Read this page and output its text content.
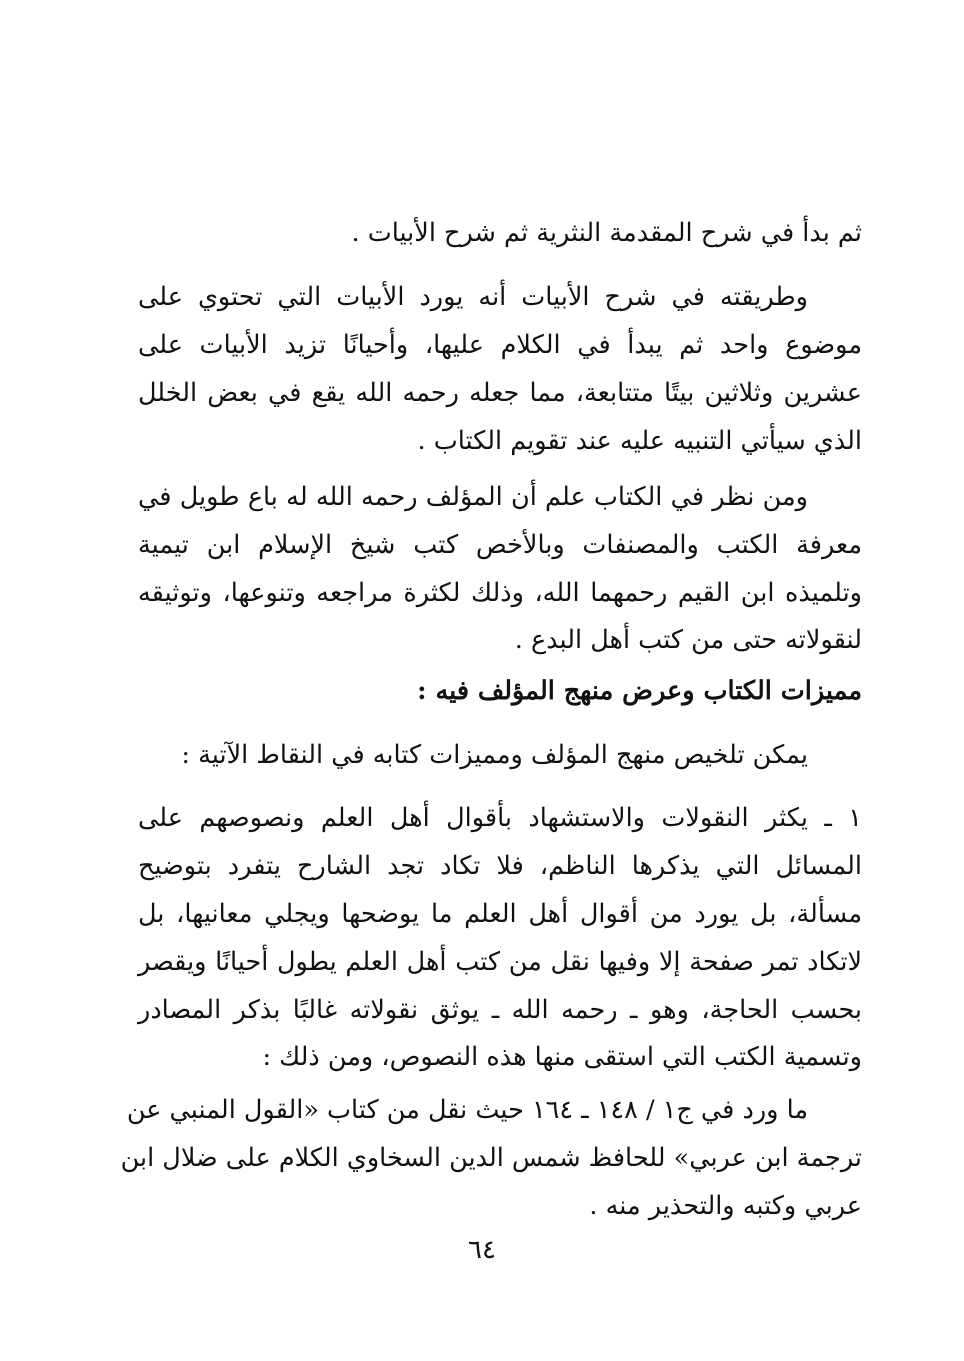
ثم بدأ في شرح المقدمة النثرية ثم شرح الأبيات .
وطريقته في شرح الأبيات أنه يورد الأبيات التي تحتوي على
موضوع واحد ثم يبدأ في الكلام عليها، وأحيانًا تزيد الأبيات على
عشرين وثلاثين بيتًا متتابعة، مما جعله رحمه الله يقع في بعض الخلل
الذي سيأتي التنبيه عليه عند تقويم الكتاب .
ومن نظر في الكتاب علم أن المؤلف رحمه الله له باع طويل في
معرفة الكتب والمصنفات وبالأخص كتب شيخ الإسلام ابن تيمية
وتلميذه ابن القيم رحمهما الله، وذلك لكثرة مراجعه وتنوعها، وتوثيقه
لنقولاته حتى من كتب أهل البدع .
مميزات الكتاب وعرض منهج المؤلف فيه :
يمكن تلخيص منهج المؤلف ومميزات كتابه في النقاط الآتية :
١ ـ يكثر النقولات والاستشهاد بأقوال أهل العلم ونصوصهم على
المسائل التي يذكرها الناظم، فلا تكاد تجد الشارح يتفرد بتوضيح
مسألة، بل يورد من أقوال أهل العلم ما يوضحها ويجلي معانيها، بل
لاتكاد تمر صفحة إلا وفيها نقل من كتب أهل العلم يطول أحيانًا ويقصر
بحسب الحاجة، وهو ـ رحمه الله ـ يوثق نقولاته غالبًا بذكر المصادر
وتسمية الكتب التي استقى منها هذه النصوص، ومن ذلك :
ما ورد في ج١ / ١٤٨ ـ ١٦٤ حيث نقل من كتاب «القول المنبي عن
ترجمة ابن عربي» للحافظ شمس الدين السخاوي الكلام على ضلال ابن
عربي وكتبه والتحذير منه .
٦٤
